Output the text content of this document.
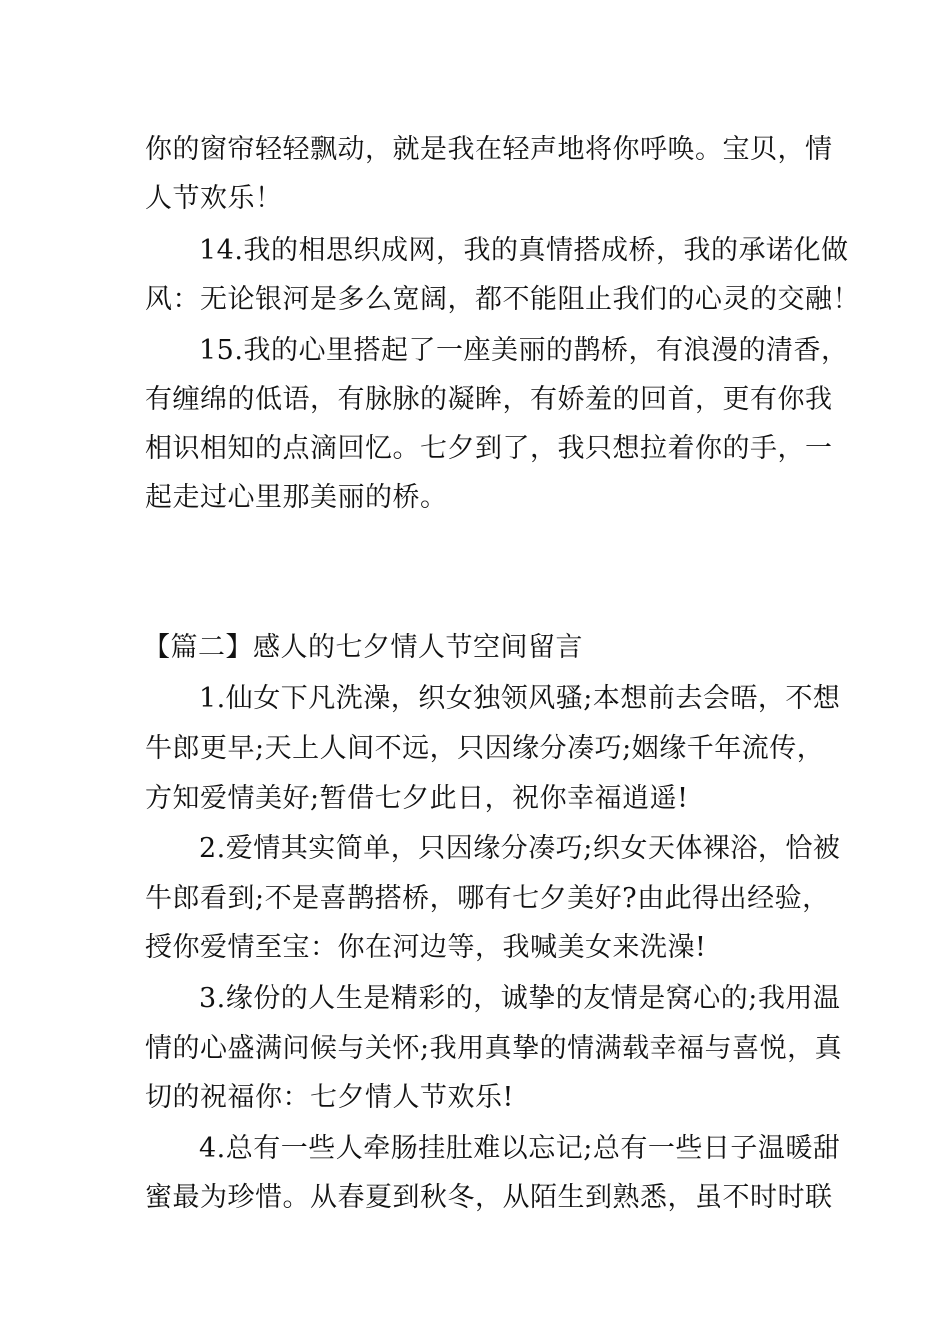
你的窗帘轻轻飘动，就是我在轻声地将你呼唤。宝贝，情
人节欢乐！
14.我的相思织成网，我的真情搭成桥，我的承诺化做
风：无论银河是多么宽阔，都不能阻止我们的心灵的交融！
15.我的心里搭起了一座美丽的鹊桥，有浪漫的清香，
有缠绵的低语，有脉脉的凝眸，有娇羞的回首，更有你我
相识相知的点滴回忆。七夕到了，我只想拉着你的手，一
起走过心里那美丽的桥。
【篇二】感人的七夕情人节空间留言
1.仙女下凡洗澡，织女独领风骚;本想前去会晤，不想
牛郎更早;天上人间不远，只因缘分凑巧;姻缘千年流传，
方知爱情美好;暂借七夕此日，祝你幸福逍遥!
2.爱情其实简单，只因缘分凑巧;织女天体裸浴，恰被
牛郎看到;不是喜鹊搭桥，哪有七夕美好?由此得出经验，
授你爱情至宝：你在河边等，我喊美女来洗澡!
3.缘份的人生是精彩的，诚挚的友情是窝心的;我用温
情的心盛满问候与关怀;我用真挚的情满载幸福与喜悦，真
切的祝福你：七夕情人节欢乐!
4.总有一些人牵肠挂肚难以忘记;总有一些日子温暖甜
蜜最为珍惜。从春夏到秋冬，从陌生到熟悉，虽不时时联
